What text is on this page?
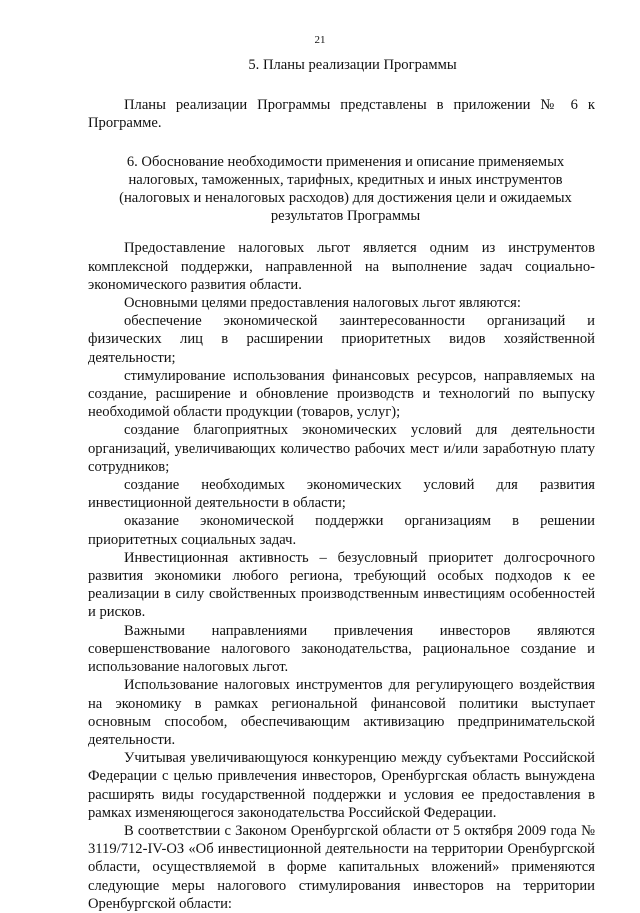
21

5. Планы реализации Программы

Планы реализации Программы представлены в приложении № 6 к Программе.

6. Обоснование необходимости применения и описание применяемых налоговых, таможенных, тарифных, кредитных и иных инструментов (налоговых и неналоговых расходов) для достижения цели и ожидаемых результатов Программы

Предоставление налоговых льгот является одним из инструментов комплексной поддержки, направленной на выполнение задач социально-экономического развития области.

Основными целями предоставления налоговых льгот являются:

обеспечение экономической заинтересованности организаций и физических лиц в расширении приоритетных видов хозяйственной деятельности;

стимулирование использования финансовых ресурсов, направляемых на создание, расширение и обновление производств и технологий по выпуску необходимой области продукции (товаров, услуг);

создание благоприятных экономических условий для деятельности организаций, увеличивающих количество рабочих мест и/или заработную плату сотрудников;

создание необходимых экономических условий для развития инвестиционной деятельности в области;

оказание экономической поддержки организациям в решении приоритетных социальных задач.

Инвестиционная активность – безусловный приоритет долгосрочного развития экономики любого региона, требующий особых подходов к ее реализации в силу свойственных производственным инвестициям особенностей и рисков.

Важными направлениями привлечения инвесторов являются совершенствование налогового законодательства, рациональное создание и использование налоговых льгот.

Использование налоговых инструментов для регулирующего воздействия на экономику в рамках региональной финансовой политики выступает основным способом, обеспечивающим активизацию предпринимательской деятельности.

Учитывая увеличивающуюся конкуренцию между субъектами Российской Федерации с целью привлечения инвесторов, Оренбургская область вынуждена расширять виды государственной поддержки и условия ее предоставления в рамках изменяющегося законодательства Российской Федерации.

В соответствии с Законом Оренбургской области от 5 октября 2009 года № 3119/712-IV-ОЗ «Об инвестиционной деятельности на территории Оренбургской области, осуществляемой в форме капитальных вложений» применяются следующие меры налогового стимулирования инвесторов на территории Оренбургской области:
